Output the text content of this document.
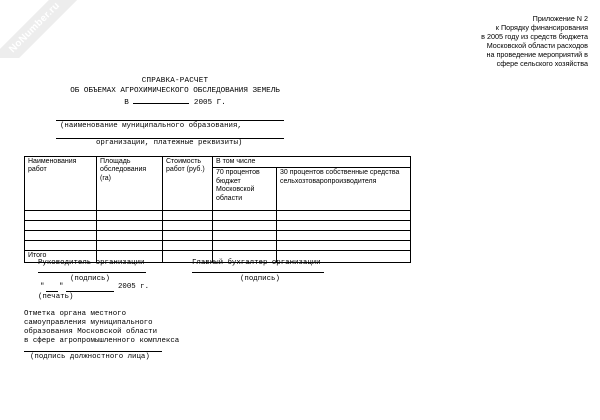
NoNumber.ru	Приложение N 2
к Порядку финансирования
в 2005 году из средств бюджета
Московской области расходов
на проведение мероприятий в
сфере сельского хозяйства
СПРАВКА-РАСЧЕТ
ОБ ОБЪЕМАХ АГРОХИМИЧЕСКОГО ОБСЛЕДОВАНИЯ ЗЕМЕЛЬ
В	2005 Г.
(наименование муниципального образования,
организации, платежные реквизиты)
Наименования работ	Площадь обследования (га)	Стоимость работ (руб.)	В том числе	
			70 процентов бюджет Московской области	30 процентов собственные средства сельхозтоваропроизводителя

Итого				
Руководитель организации	Главный бухгалтер организации
(подпись)	(подпись)
" "	2005 г.
(печать)
Отметка органа местного
самоуправления муниципального
образования Московской области
в сфере агропромышленного комплекса
(подпись должностного лица)
